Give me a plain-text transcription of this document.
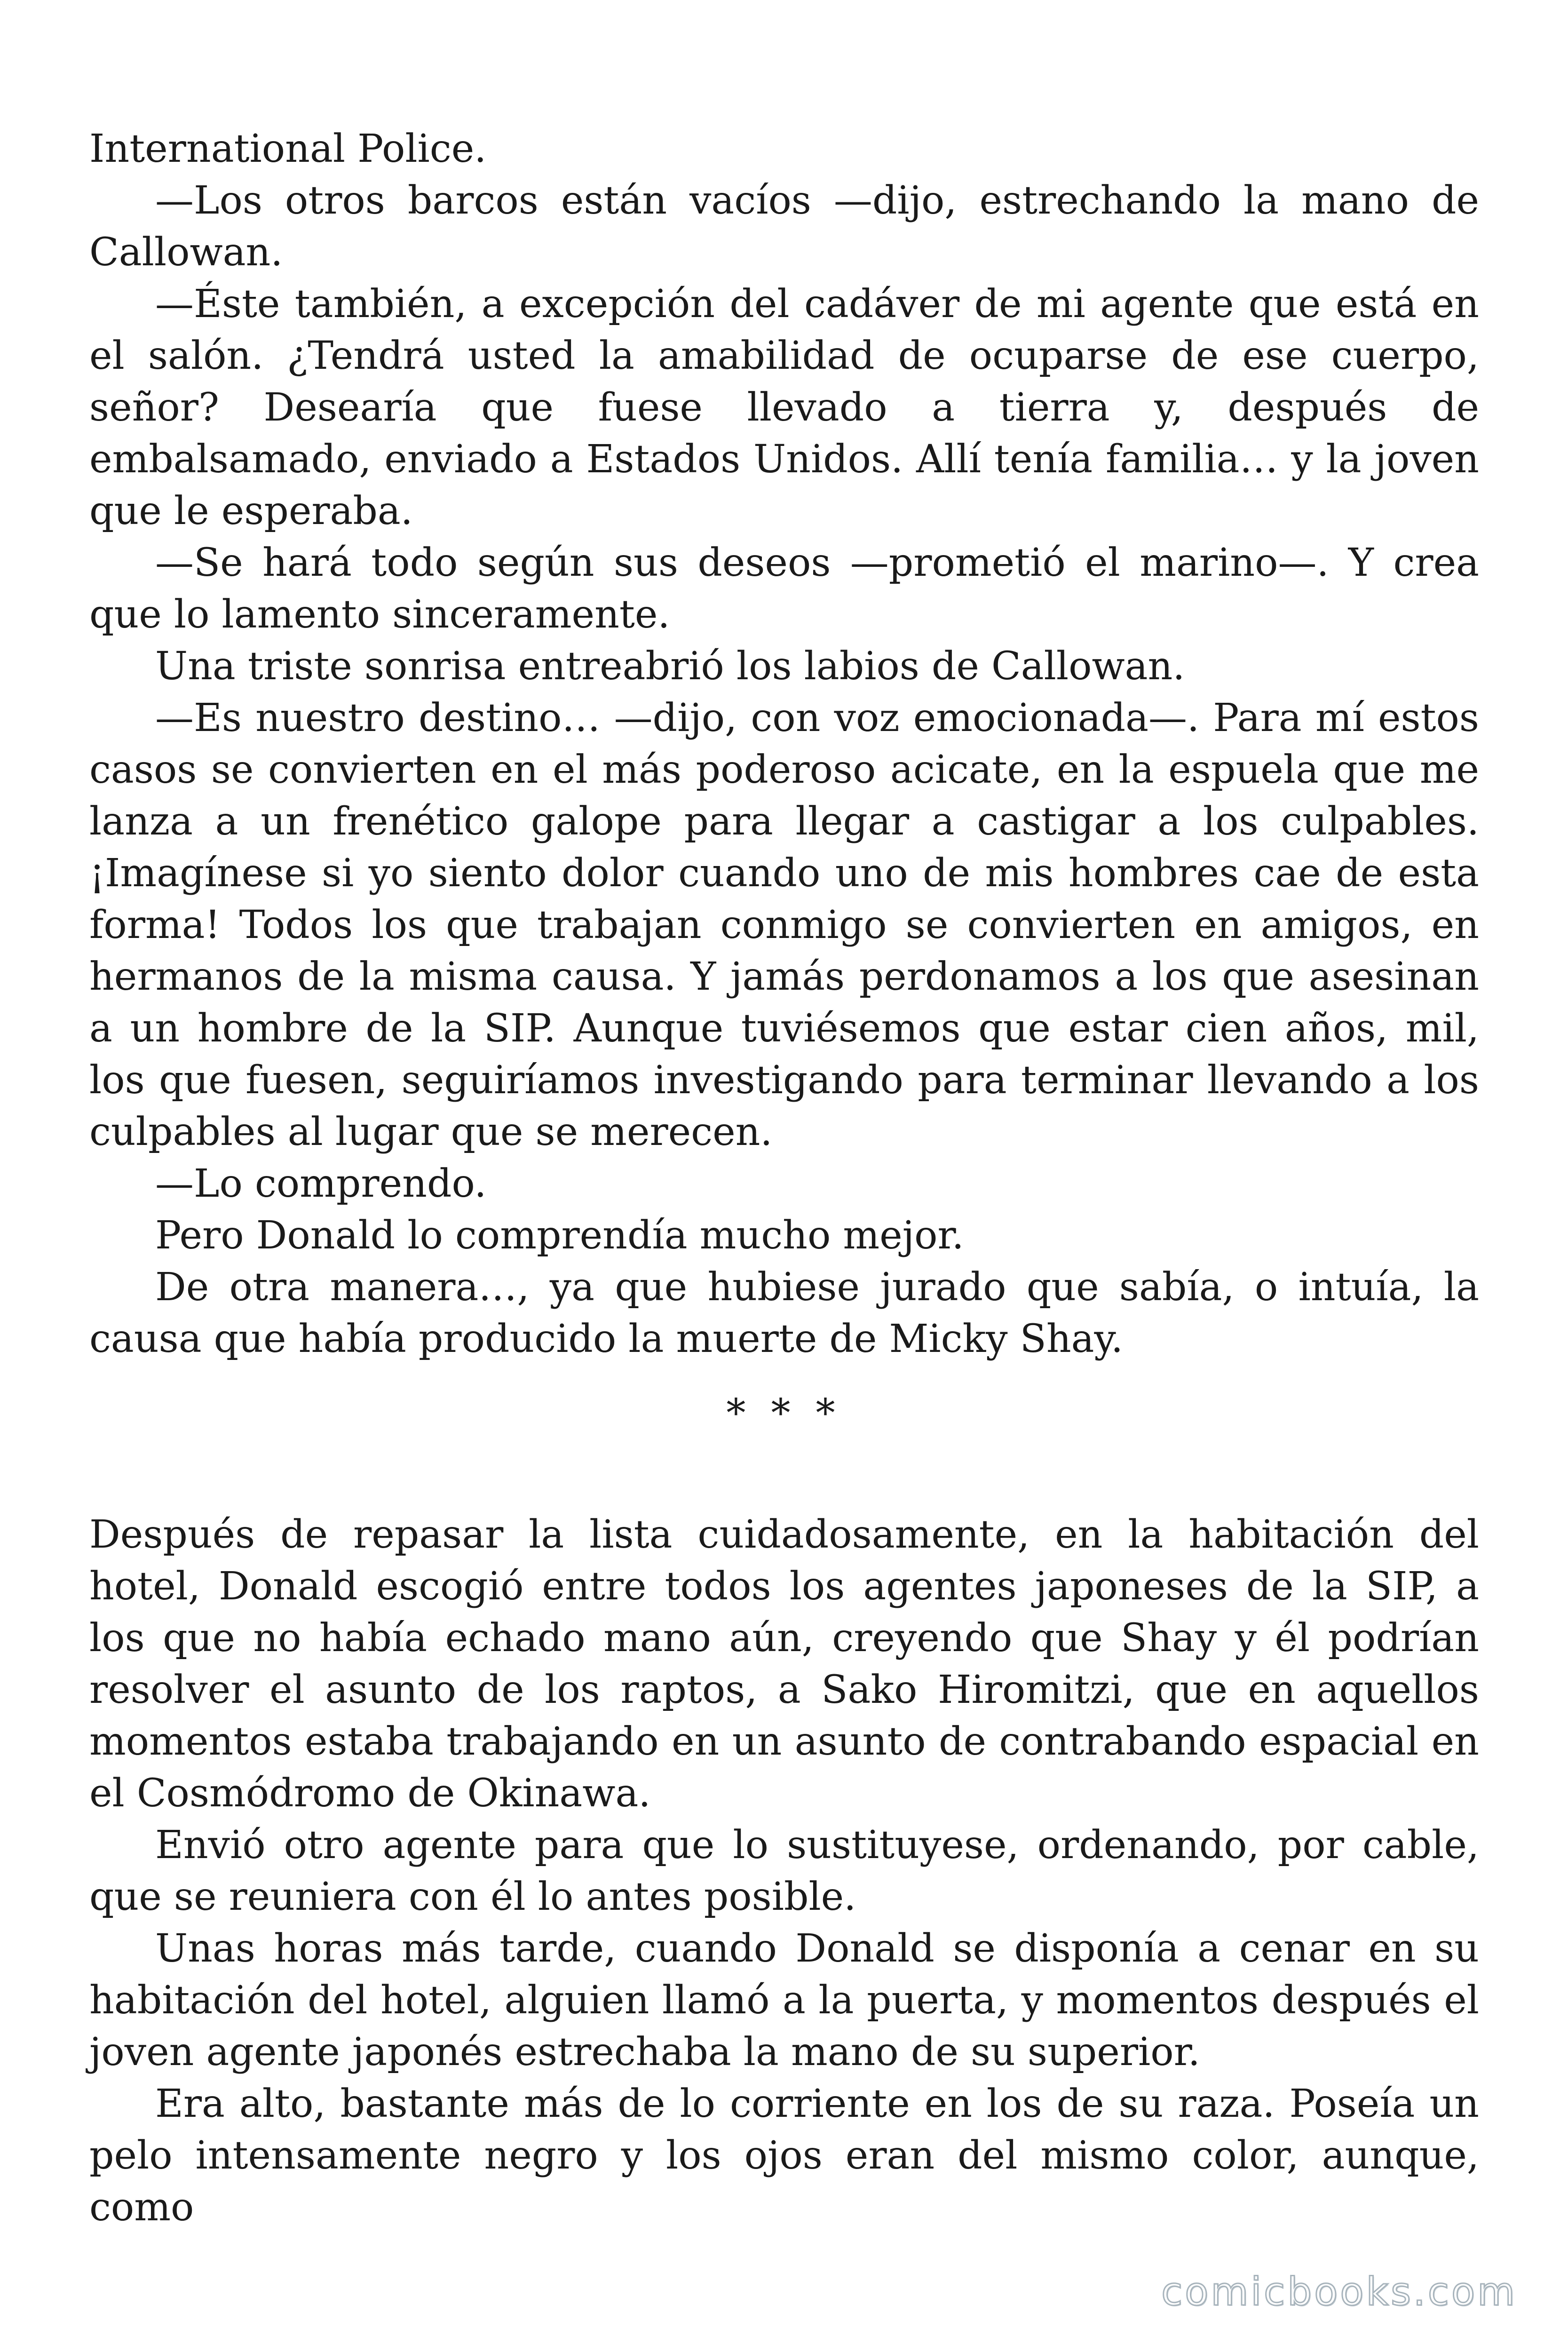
International Police.

—Los otros barcos están vacíos —dijo, estrechando la mano de Callowan.

—Éste también, a excepción del cadáver de mi agente que está en el salón. ¿Tendrá usted la amabilidad de ocuparse de ese cuerpo, señor? Desearía que fuese llevado a tierra y, después de embalsamado, enviado a Estados Unidos. Allí tenía familia… y la joven que le esperaba.

—Se hará todo según sus deseos —prometió el marino—. Y crea que lo lamento sinceramente.

Una triste sonrisa entreabrió los labios de Callowan.

—Es nuestro destino… —dijo, con voz emocionada—. Para mí estos casos se convierten en el más poderoso acicate, en la espuela que me lanza a un frenético galope para llegar a castigar a los culpables. ¡Imagínese si yo siento dolor cuando uno de mis hombres cae de esta forma! Todos los que trabajan conmigo se convierten en amigos, en hermanos de la misma causa. Y jamás perdonamos a los que asesinan a un hombre de la SIP. Aunque tuviésemos que estar cien años, mil, los que fuesen, seguiríamos investigando para terminar llevando a los culpables al lugar que se merecen.

—Lo comprendo.

Pero Donald lo comprendía mucho mejor.

De otra manera…, ya que hubiese jurado que sabía, o intuía, la causa que había producido la muerte de Micky Shay.

* * *

Después de repasar la lista cuidadosamente, en la habitación del hotel, Donald escogió entre todos los agentes japoneses de la SIP, a los que no había echado mano aún, creyendo que Shay y él podrían resolver el asunto de los raptos, a Sako Hiromitzi, que en aquellos momentos estaba trabajando en un asunto de contrabando espacial en el Cosmódromo de Okinawa.

Envió otro agente para que lo sustituyese, ordenando, por cable, que se reuniera con él lo antes posible.

Unas horas más tarde, cuando Donald se disponía a cenar en su habitación del hotel, alguien llamó a la puerta, y momentos después el joven agente japonés estrechaba la mano de su superior.

Era alto, bastante más de lo corriente en los de su raza. Poseía un pelo intensamente negro y los ojos eran del mismo color, aunque, como

comicbooks.com
